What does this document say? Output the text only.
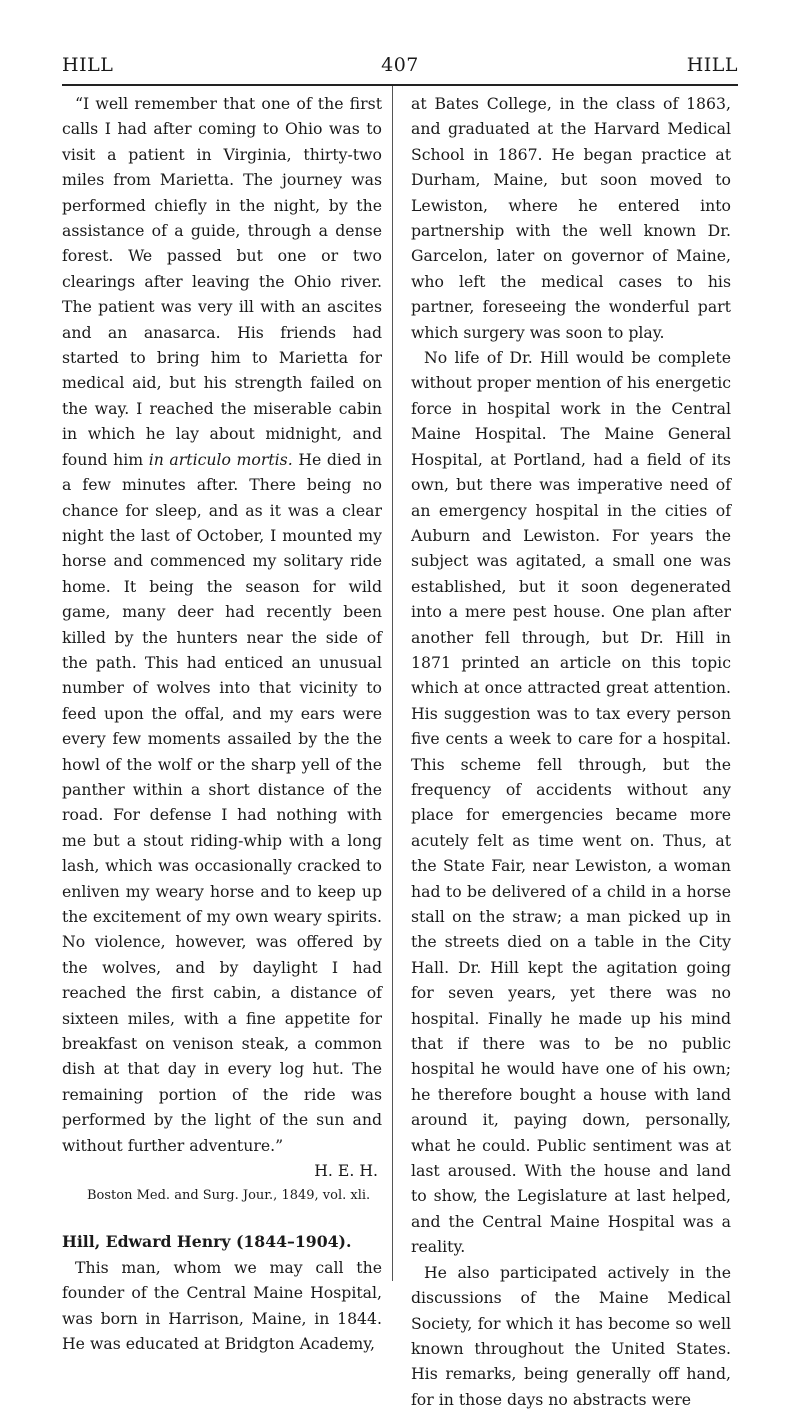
HILL	407	HILL

“I well remember that one of the first calls I had after coming to Ohio was to visit a patient in Virginia, thirty-two miles from Marietta. The journey was performed chiefly in the night, by the assistance of a guide, through a dense forest. We passed but one or two clearings after leaving the Ohio river. The patient was very ill with an ascites and an anasarca. His friends had started to bring him to Marietta for medical aid, but his strength failed on the way. I reached the miserable cabin in which he lay about midnight, and found him in articulo mortis. He died in a few minutes after. There being no chance for sleep, and as it was a clear night the last of October, I mounted my horse and commenced my solitary ride home. It being the season for wild game, many deer had recently been killed by the hunters near the side of the path. This had enticed an unusual number of wolves into that vicinity to feed upon the offal, and my ears were every few moments assailed by the the howl of the wolf or the sharp yell of the panther within a short distance of the road. For defense I had nothing with me but a stout riding-whip with a long lash, which was occasionally cracked to enliven my weary horse and to keep up the excitement of my own weary spirits. No violence, however, was offered by the wolves, and by daylight I had reached the first cabin, a distance of sixteen miles, with a fine appetite for breakfast on venison steak, a common dish at that day in every log hut. The remaining portion of the ride was performed by the light of the sun and without further adventure.”

H. E. H.

Boston Med. and Surg. Jour., 1849, vol. xli.

Hill, Edward Henry (1844–1904).

This man, whom we may call the founder of the Central Maine Hospital, was born in Harrison, Maine, in 1844. He was educated at Bridgton Academy,

at Bates College, in the class of 1863, and graduated at the Harvard Medical School in 1867. He began practice at Durham, Maine, but soon moved to Lewiston, where he entered into partnership with the well known Dr. Garcelon, later on governor of Maine, who left the medical cases to his partner, foreseeing the wonderful part which surgery was soon to play.

No life of Dr. Hill would be complete without proper mention of his energetic force in hospital work in the Central Maine Hospital. The Maine General Hospital, at Portland, had a field of its own, but there was imperative need of an emergency hospital in the cities of Auburn and Lewiston. For years the subject was agitated, a small one was established, but it soon degenerated into a mere pest house. One plan after another fell through, but Dr. Hill in 1871 printed an article on this topic which at once attracted great attention. His suggestion was to tax every person five cents a week to care for a hospital. This scheme fell through, but the frequency of accidents without any place for emergencies became more acutely felt as time went on. Thus, at the State Fair, near Lewiston, a woman had to be delivered of a child in a horse stall on the straw; a man picked up in the streets died on a table in the City Hall. Dr. Hill kept the agitation going for seven years, yet there was no hospital. Finally he made up his mind that if there was to be no public hospital he would have one of his own; he therefore bought a house with land around it, paying down, personally, what he could. Public sentiment was at last aroused. With the house and land to show, the Legislature at last helped, and the Central Maine Hospital was a reality.

He also participated actively in the discussions of the Maine Medical Society, for which it has become so well known throughout the United States. His remarks, being generally off hand, for in those days no abstracts were
